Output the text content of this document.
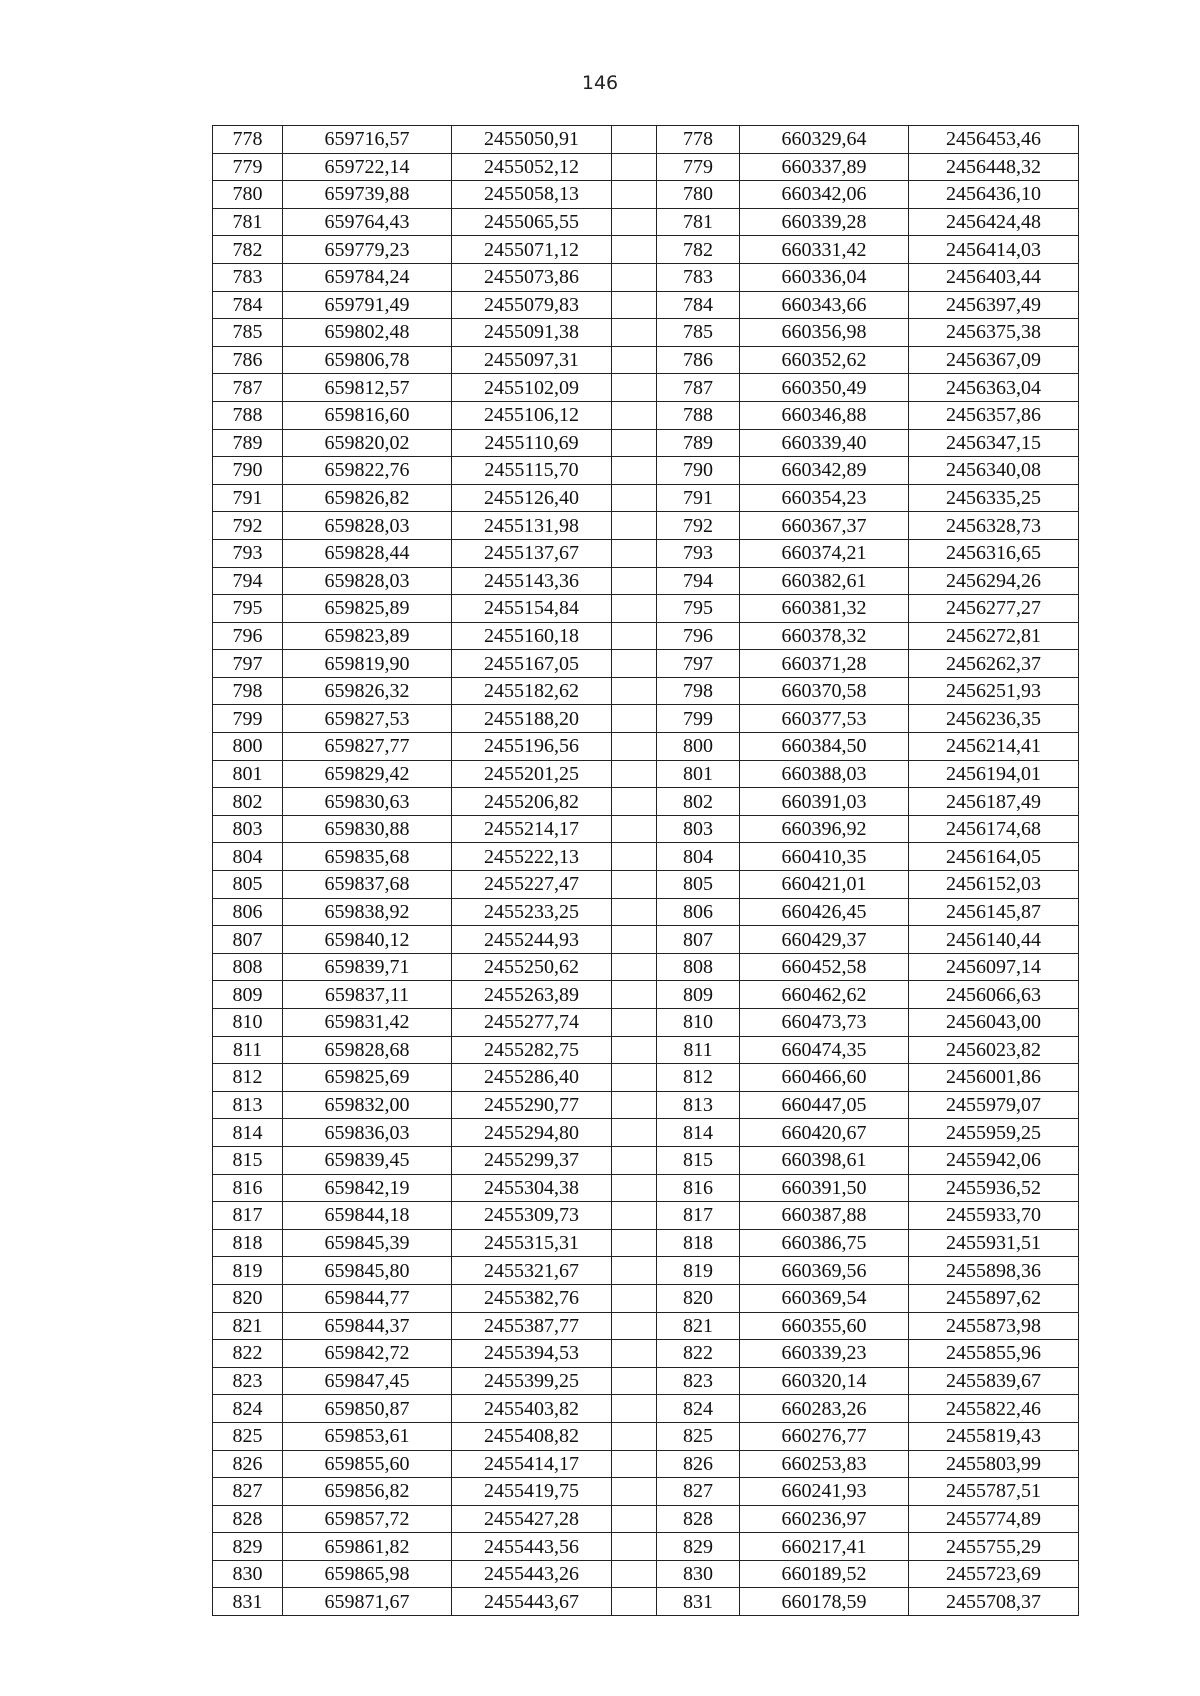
146
778	659716,57	2455050,91		778	660329,64	2456453,46
779	659722,14	2455052,12		779	660337,89	2456448,32
780	659739,88	2455058,13		780	660342,06	2456436,10
781	659764,43	2455065,55		781	660339,28	2456424,48
782	659779,23	2455071,12		782	660331,42	2456414,03
783	659784,24	2455073,86		783	660336,04	2456403,44
784	659791,49	2455079,83		784	660343,66	2456397,49
785	659802,48	2455091,38		785	660356,98	2456375,38
786	659806,78	2455097,31		786	660352,62	2456367,09
787	659812,57	2455102,09		787	660350,49	2456363,04
788	659816,60	2455106,12		788	660346,88	2456357,86
789	659820,02	2455110,69		789	660339,40	2456347,15
790	659822,76	2455115,70		790	660342,89	2456340,08
791	659826,82	2455126,40		791	660354,23	2456335,25
792	659828,03	2455131,98		792	660367,37	2456328,73
793	659828,44	2455137,67		793	660374,21	2456316,65
794	659828,03	2455143,36		794	660382,61	2456294,26
795	659825,89	2455154,84		795	660381,32	2456277,27
796	659823,89	2455160,18		796	660378,32	2456272,81
797	659819,90	2455167,05		797	660371,28	2456262,37
798	659826,32	2455182,62		798	660370,58	2456251,93
799	659827,53	2455188,20		799	660377,53	2456236,35
800	659827,77	2455196,56		800	660384,50	2456214,41
801	659829,42	2455201,25		801	660388,03	2456194,01
802	659830,63	2455206,82		802	660391,03	2456187,49
803	659830,88	2455214,17		803	660396,92	2456174,68
804	659835,68	2455222,13		804	660410,35	2456164,05
805	659837,68	2455227,47		805	660421,01	2456152,03
806	659838,92	2455233,25		806	660426,45	2456145,87
807	659840,12	2455244,93		807	660429,37	2456140,44
808	659839,71	2455250,62		808	660452,58	2456097,14
809	659837,11	2455263,89		809	660462,62	2456066,63
810	659831,42	2455277,74		810	660473,73	2456043,00
811	659828,68	2455282,75		811	660474,35	2456023,82
812	659825,69	2455286,40		812	660466,60	2456001,86
813	659832,00	2455290,77		813	660447,05	2455979,07
814	659836,03	2455294,80		814	660420,67	2455959,25
815	659839,45	2455299,37		815	660398,61	2455942,06
816	659842,19	2455304,38		816	660391,50	2455936,52
817	659844,18	2455309,73		817	660387,88	2455933,70
818	659845,39	2455315,31		818	660386,75	2455931,51
819	659845,80	2455321,67		819	660369,56	2455898,36
820	659844,77	2455382,76		820	660369,54	2455897,62
821	659844,37	2455387,77		821	660355,60	2455873,98
822	659842,72	2455394,53		822	660339,23	2455855,96
823	659847,45	2455399,25		823	660320,14	2455839,67
824	659850,87	2455403,82		824	660283,26	2455822,46
825	659853,61	2455408,82		825	660276,77	2455819,43
826	659855,60	2455414,17		826	660253,83	2455803,99
827	659856,82	2455419,75		827	660241,93	2455787,51
828	659857,72	2455427,28		828	660236,97	2455774,89
829	659861,82	2455443,56		829	660217,41	2455755,29
830	659865,98	2455443,26		830	660189,52	2455723,69
831	659871,67	2455443,67		831	660178,59	2455708,37
